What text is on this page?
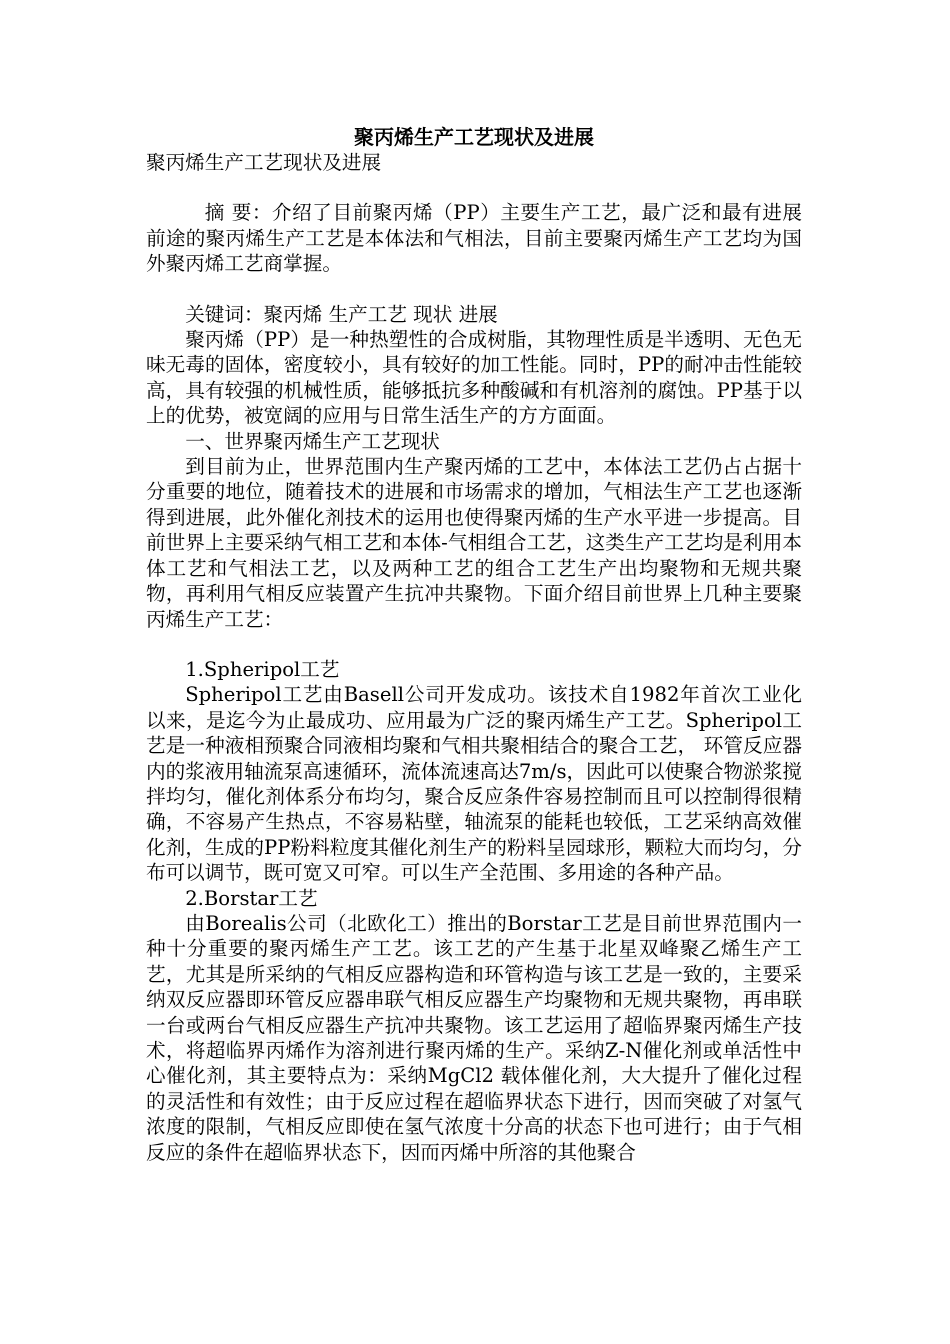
聚丙烯生产工艺现状及进展

聚丙烯生产工艺现状及进展

摘 要：介绍了目前聚丙烯（PP）主要生产工艺，最广泛和最有进展前途的聚丙烯生产工艺是本体法和气相法，目前主要聚丙烯生产工艺均为国外聚丙烯工艺商掌握。

关键词：聚丙烯 生产工艺 现状 进展

聚丙烯（PP）是一种热塑性的合成树脂，其物理性质是半透明、无色无味无毒的固体，密度较小，具有较好的加工性能。同时，PP的耐冲击性能较高，具有较强的机械性质，能够抵抗多种酸碱和有机溶剂的腐蚀。PP基于以上的优势，被宽阔的应用与日常生活生产的方方面面。

一、世界聚丙烯生产工艺现状

到目前为止，世界范围内生产聚丙烯的工艺中，本体法工艺仍占占据十分重要的地位，随着技术的进展和市场需求的增加，气相法生产工艺也逐渐得到进展，此外催化剂技术的运用也使得聚丙烯的生产水平进一步提高。目前世界上主要采纳气相工艺和本体-气相组合工艺，这类生产工艺均是利用本体工艺和气相法工艺，以及两种工艺的组合工艺生产出均聚物和无规共聚物，再利用气相反应装置产生抗冲共聚物。下面介绍目前世界上几种主要聚丙烯生产工艺：

1.Spheripol工艺

Spheripol工艺由Basell公司开发成功。该技术自1982年首次工业化以来，是迄今为止最成功、应用最为广泛的聚丙烯生产工艺。Spheripol工艺是一种液相预聚合同液相均聚和气相共聚相结合的聚合工艺， 环管反应器内的浆液用轴流泵高速循环，流体流速高达7m/s，因此可以使聚合物淤浆搅拌均匀，催化剂体系分布均匀，聚合反应条件容易控制而且可以控制得很精确，不容易产生热点，不容易粘壁，轴流泵的能耗也较低，工艺采纳高效催化剂，生成的PP粉料粒度其催化剂生产的粉料呈园球形，颗粒大而均匀，分布可以调节，既可宽又可窄。可以生产全范围、多用途的各种产品。

2.Borstar工艺

由Borealis公司（北欧化工）推出的Borstar工艺是目前世界范围内一种十分重要的聚丙烯生产工艺。该工艺的产生基于北星双峰聚乙烯生产工艺，尤其是所采纳的气相反应器构造和环管构造与该工艺是一致的，主要采纳双反应器即环管反应器串联气相反应器生产均聚物和无规共聚物，再串联一台或两台气相反应器生产抗冲共聚物。该工艺运用了超临界聚丙烯生产技术，将超临界丙烯作为溶剂进行聚丙烯的生产。采纳Z-N催化剂或单活性中心催化剂，其主要特点为：采纳MgCl2 载体催化剂，大大提升了催化过程的灵活性和有效性；由于反应过程在超临界状态下进行，因而突破了对氢气浓度的限制，气相反应即使在氢气浓度十分高的状态下也可进行；由于气相反应的条件在超临界状态下，因而丙烯中所溶的其他聚合
